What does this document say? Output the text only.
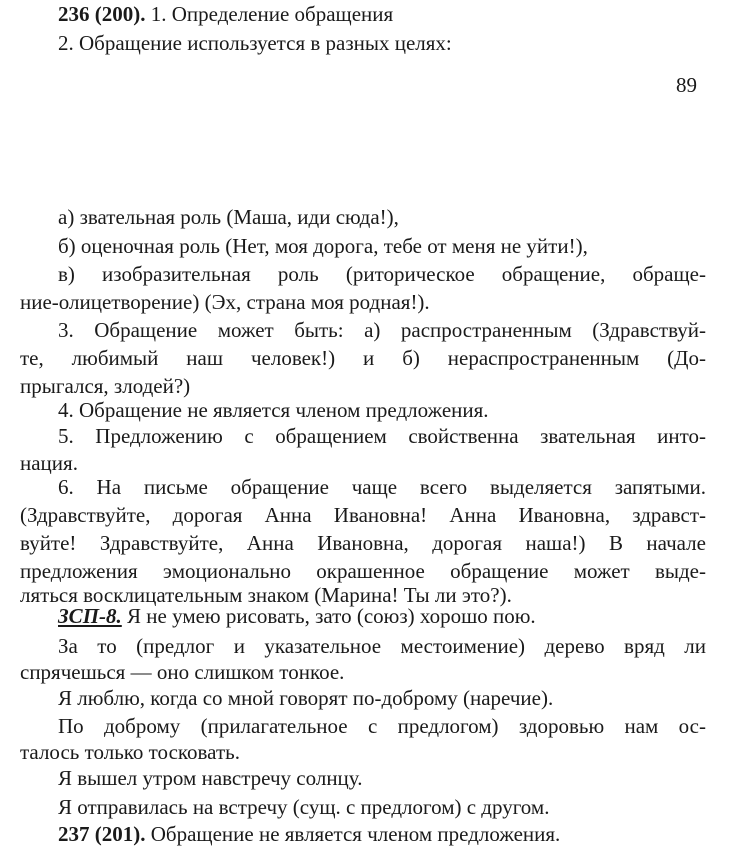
236 (200). 1. Определение обращения
2. Обращение используется в разных целях:
89
а) звательная роль (Маша, иди сюда!),
б) оценочная роль (Нет, моя дорога, тебе от меня не уйти!),
в) изобразительная роль (риторическое обращение, обраще-
ние-олицетворение) (Эх, страна моя родная!).
3. Обращение может быть: а) распространенным (Здравствуй-
те, любимый наш человек!) и б) нераспространенным (До-
прыгался, злодей?)
4. Обращение не является членом предложения.
5. Предложению с обращением свойственна звательная инто-
нация.
6. На письме обращение чаще всего выделяется запятыми.
(Здравствуйте, дорогая Анна Ивановна! Анна Ивановна, здравст-
вуйте! Здравствуйте, Анна Ивановна, дорогая наша!) В начале
предложения эмоционально окрашенное обращение может выде-
ляться восклицательным знаком (Марина! Ты ли это?).
ЗСП-8. Я не умею рисовать, зато (союз) хорошо пою.
За то (предлог и указательное местоимение) дерево вряд ли
спрячешься — оно слишком тонкое.
Я люблю, когда со мной говорят по-доброму (наречие).
По доброму (прилагательное с предлогом) здоровью нам ос-
талось только тосковать.
Я вышел утром навстречу солнцу.
Я отправилась на встречу (сущ. с предлогом) с другом.
237 (201). Обращение не является членом предложения.
